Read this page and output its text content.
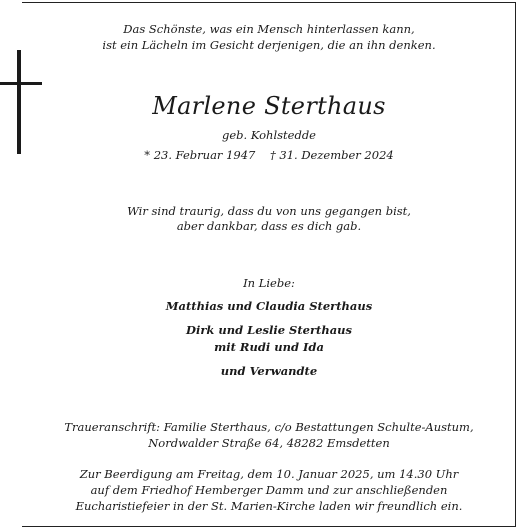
Das Schönste, was ein Mensch hinterlassen kann,
ist ein Lächeln im Gesicht derjenigen, die an ihn denken.
Marlene Sterthaus
geb. Kohlstedde
* 23. Februar 1947    † 31. Dezember 2024
Wir sind traurig, dass du von uns gegangen bist,
aber dankbar, dass es dich gab.
In Liebe:
Matthias und Claudia Sterthaus
Dirk und Leslie Sterthaus
mit Rudi und Ida
und Verwandte
Traueranschrift: Familie Sterthaus, c/o Bestattungen Schulte-Austum,
Nordwalder Straße 64, 48282 Emsdetten
Zur Beerdigung am Freitag, dem 10. Januar 2025, um 14.30 Uhr
auf dem Friedhof Hemberger Damm und zur anschließenden
Eucharistiefeier in der St. Marien-Kirche laden wir freundlich ein.
